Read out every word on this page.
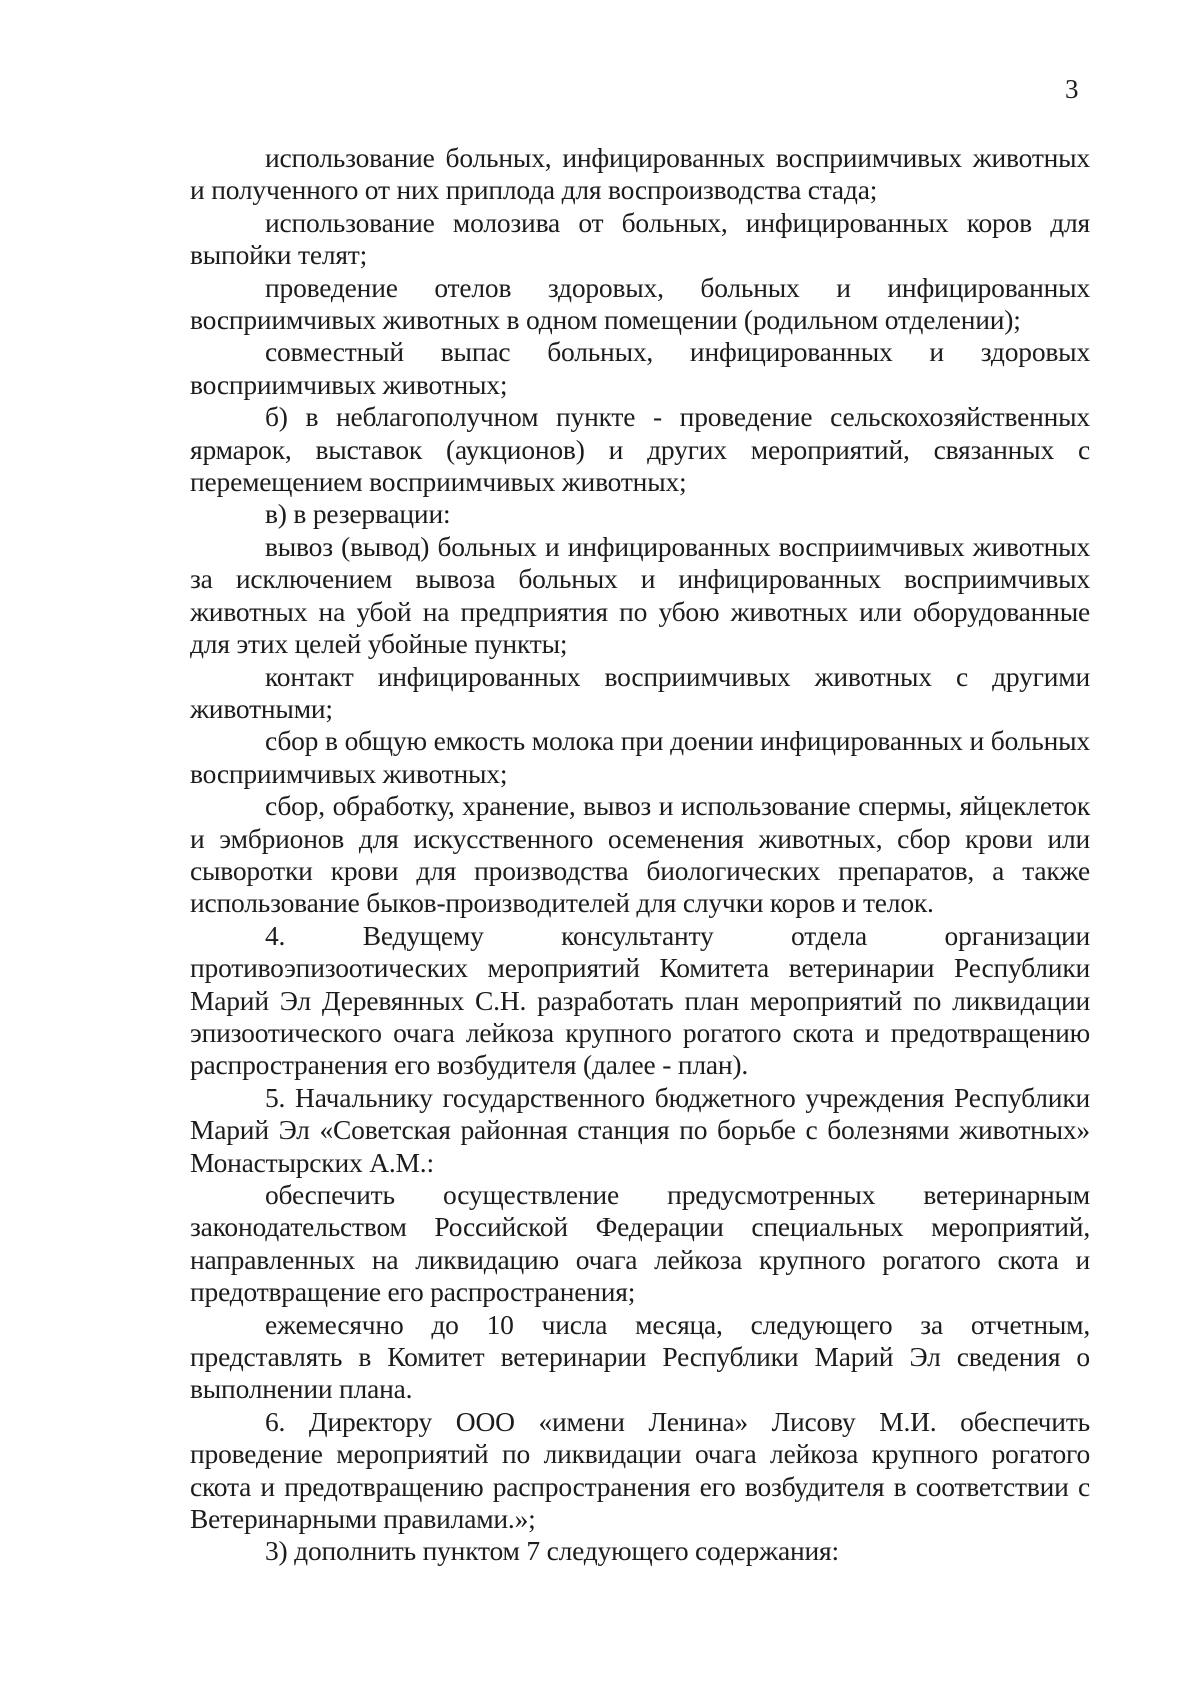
3

использование больных, инфицированных восприимчивых животных и полученного от них приплода для воспроизводства стада;

использование молозива от больных, инфицированных коров для выпойки телят;

проведение отелов здоровых, больных и инфицированных восприимчивых животных в одном помещении (родильном отделении);

совместный выпас больных, инфицированных и здоровых восприимчивых животных;

б) в неблагополучном пункте - проведение сельскохозяйственных ярмарок, выставок (аукционов) и других мероприятий, связанных с перемещением восприимчивых животных;

в) в резервации:

вывоз (вывод) больных и инфицированных восприимчивых животных за исключением вывоза больных и инфицированных восприимчивых животных на убой на предприятия по убою животных или оборудованные для этих целей убойные пункты;

контакт инфицированных восприимчивых животных с другими животными;

сбор в общую емкость молока при доении инфицированных и больных восприимчивых животных;

сбор, обработку, хранение, вывоз и использование спермы, яйцеклеток и эмбрионов для искусственного осеменения животных, сбор крови или сыворотки крови для производства биологических препаратов, а также использование быков-производителей для случки коров и телок.

4. Ведущему консультанту отдела организации противоэпизоотических мероприятий Комитета ветеринарии Республики Марий Эл Деревянных С.Н. разработать план мероприятий по ликвидации эпизоотического очага лейкоза крупного рогатого скота и предотвращению распространения его возбудителя (далее - план).

5. Начальнику государственного бюджетного учреждения Республики Марий Эл «Советская районная станция по борьбе с болезнями животных» Монастырских А.М.:

обеспечить осуществление предусмотренных ветеринарным законодательством Российской Федерации специальных мероприятий, направленных на ликвидацию очага лейкоза крупного рогатого скота и предотвращение его распространения;

ежемесячно до 10 числа месяца, следующего за отчетным, представлять в Комитет ветеринарии Республики Марий Эл сведения о выполнении плана.

6. Директору ООО «имени Ленина» Лисову М.И. обеспечить проведение мероприятий по ликвидации очага лейкоза крупного рогатого скота и предотвращению распространения его возбудителя в соответствии с Ветеринарными правилами.»;

3) дополнить пунктом 7 следующего содержания:
